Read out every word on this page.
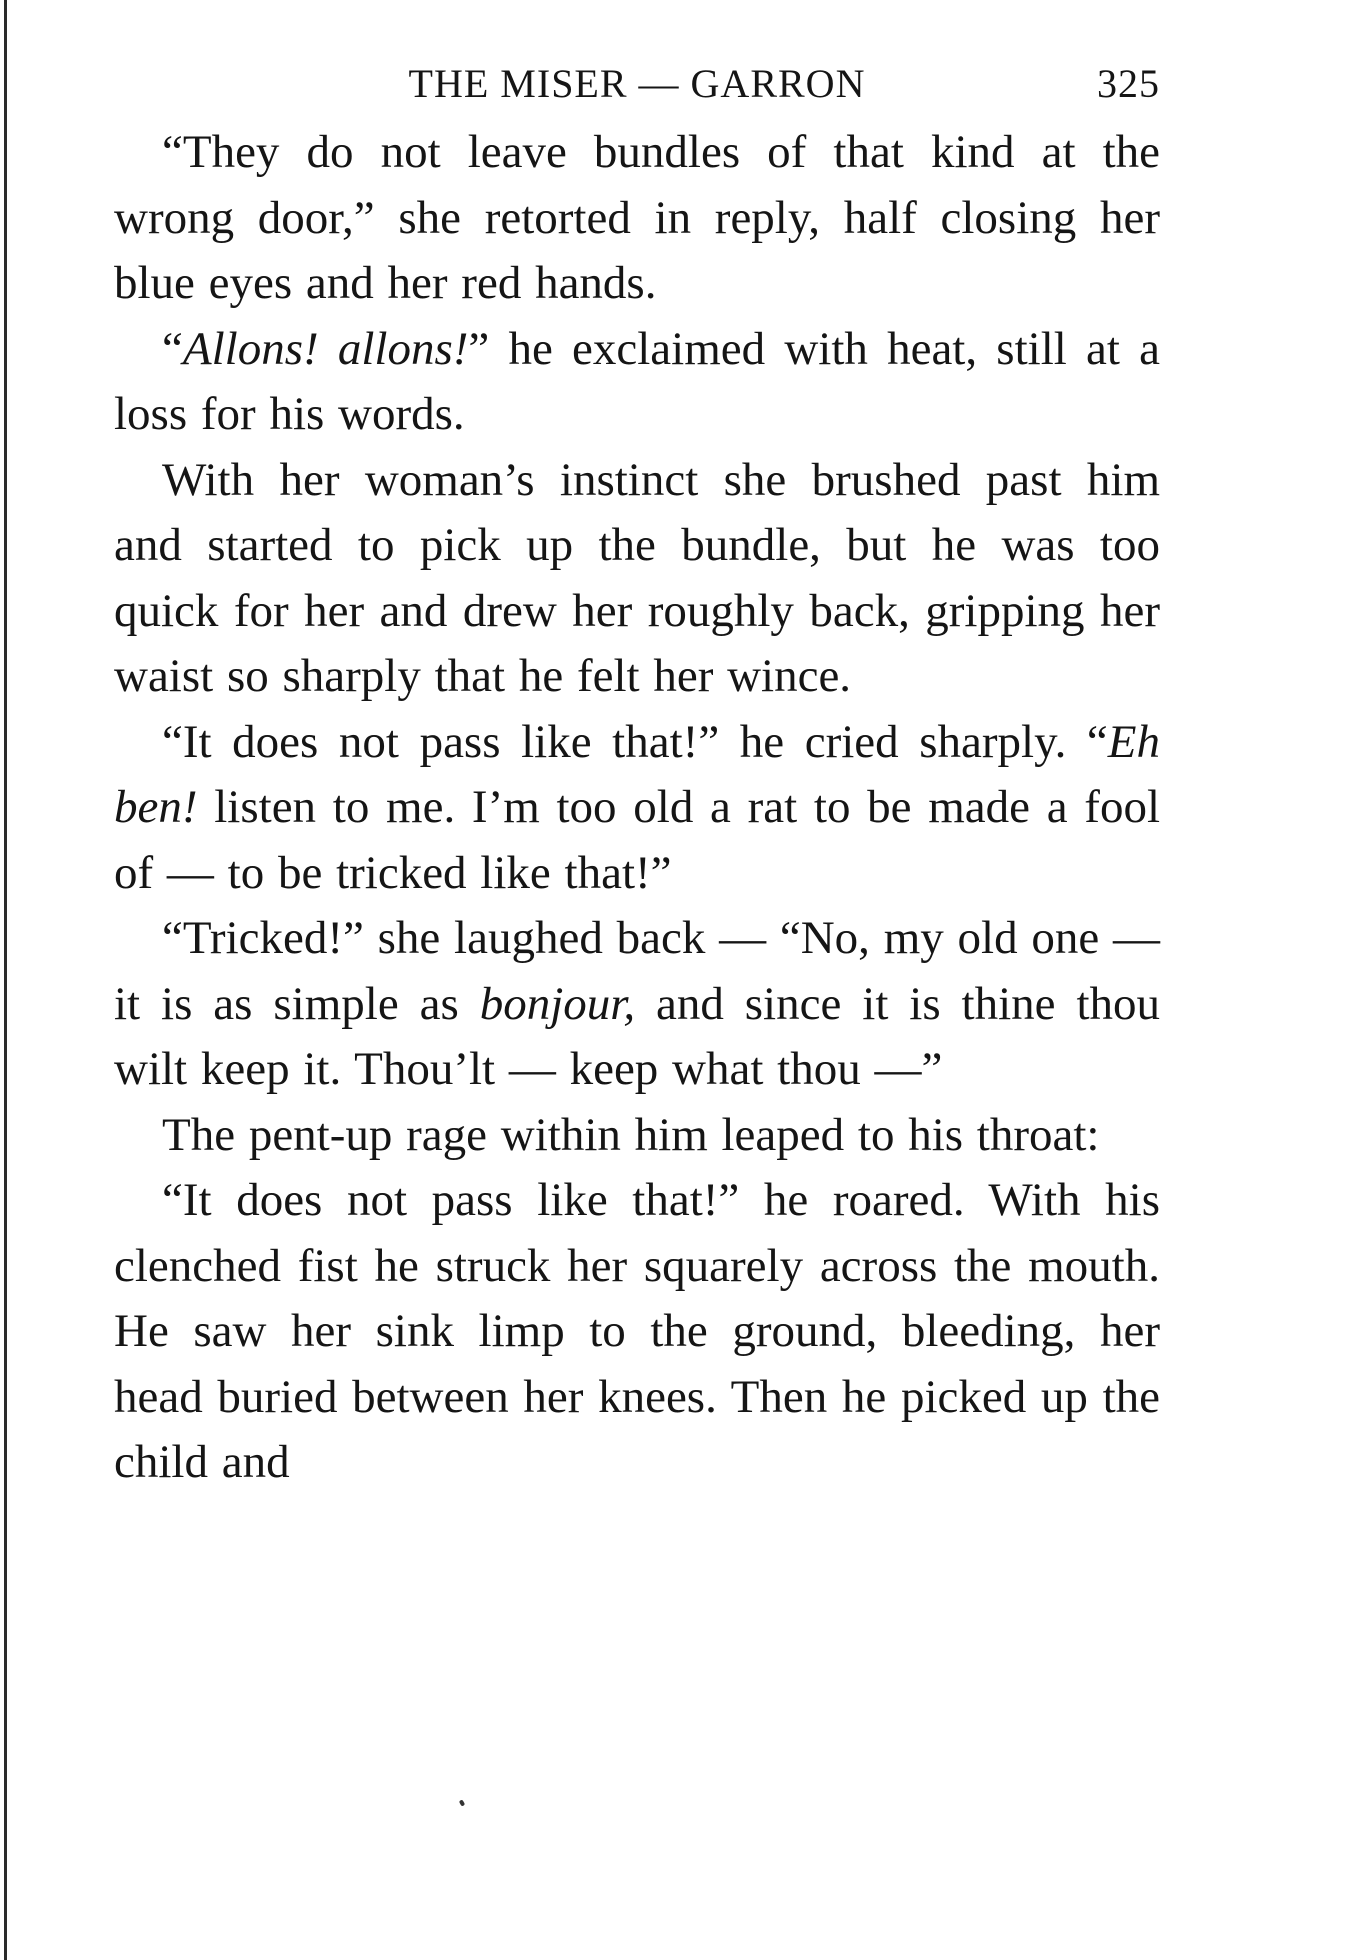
THE MISER — GARRON	325

“They do not leave bundles of that kind at the wrong door,” she retorted in reply, half closing her blue eyes and her red hands.

“Allons! allons!” he exclaimed with heat, still at a loss for his words.

With her woman’s instinct she brushed past him and started to pick up the bundle, but he was too quick for her and drew her roughly back, gripping her waist so sharply that he felt her wince.

“It does not pass like that!” he cried sharply. “Eh ben! listen to me. I’m too old a rat to be made a fool of — to be tricked like that!”

“Tricked!” she laughed back — “No, my old one — it is as simple as bonjour, and since it is thine thou wilt keep it. Thou’lt — keep what thou —”

The pent-up rage within him leaped to his throat:

“It does not pass like that!” he roared. With his clenched fist he struck her squarely across the mouth. He saw her sink limp to the ground, bleeding, her head buried between her knees. Then he picked up the child and
